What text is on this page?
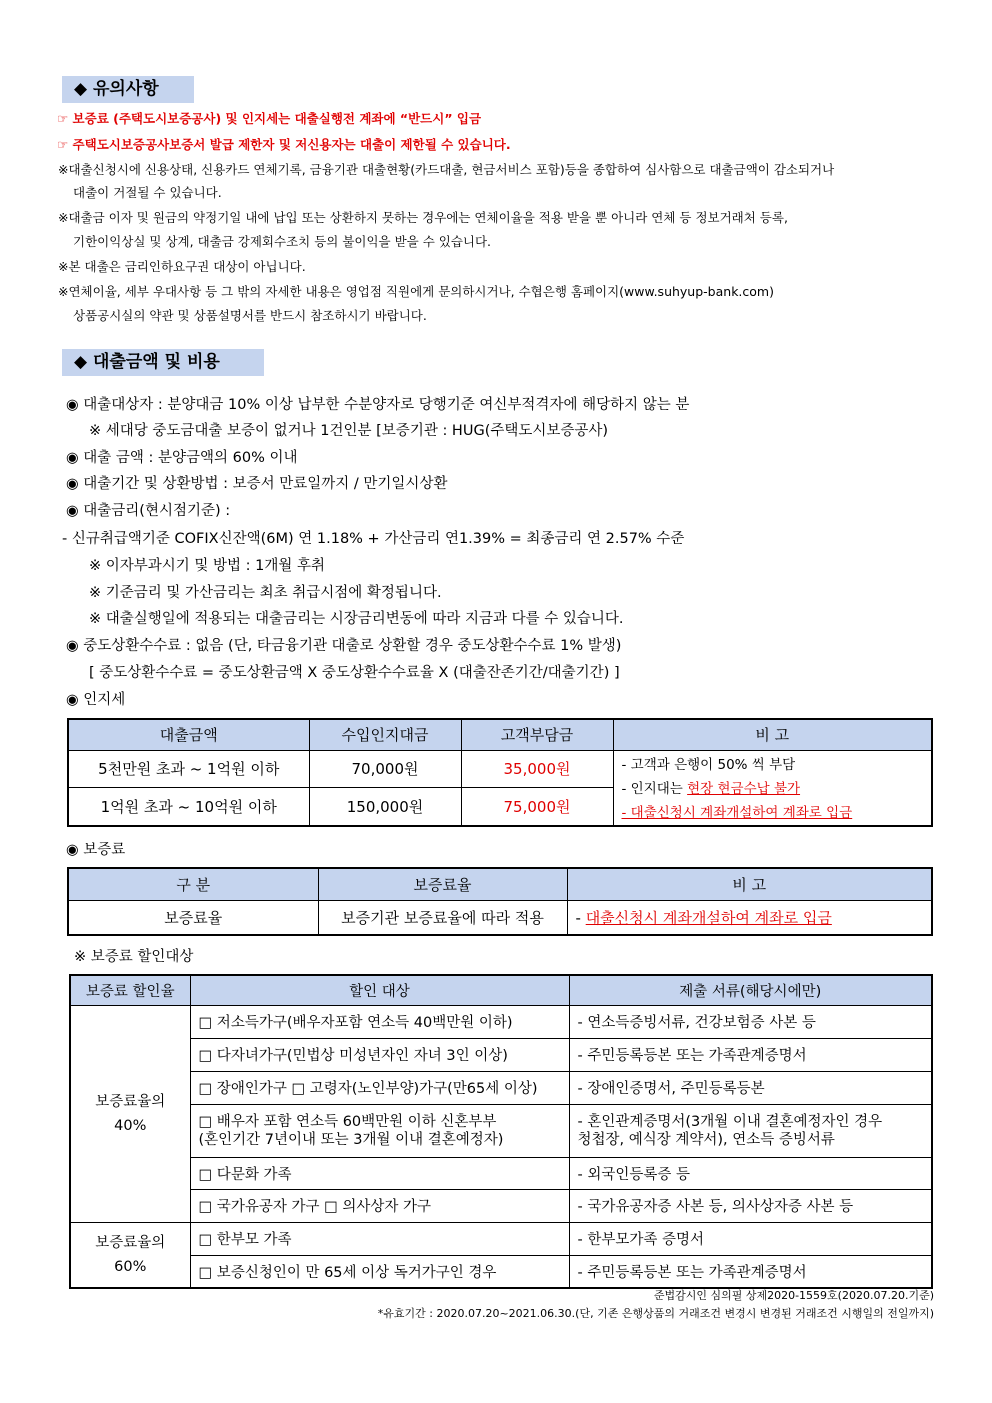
◆ 유의사항
☞ 보증료 (주택도시보증공사) 및 인지세는 대출실행전 계좌에 “반드시” 입금
☞ 주택도시보증공사보증서 발급 제한자 및 저신용자는 대출이 제한될 수 있습니다.
※대출신청시에 신용상태, 신용카드 연체기록, 금융기관 대출현황(카드대출, 현금서비스 포함)등을 종합하여 심사함으로 대출금액이 감소되거나
대출이 거절될 수 있습니다.
※대출금 이자 및 원금의 약정기일 내에 납입 또는 상환하지 못하는 경우에는 연체이율을 적용 받을 뿐 아니라 연체 등 정보거래처 등록,
기한이익상실 및 상계, 대출금 강제회수조치 등의 불이익을 받을 수 있습니다.
※본 대출은 금리인하요구권 대상이 아닙니다.
※연체이율, 세부 우대사항 등 그 밖의 자세한 내용은 영업점 직원에게 문의하시거나, 수협은행 홈페이지(www.suhyup-bank.com)
상품공시실의 약관 및 상품설명서를 반드시 참조하시기 바랍니다.
◆ 대출금액 및 비용
◉ 대출대상자 : 분양대금 10% 이상 납부한 수분양자로 당행기준 여신부적격자에 해당하지 않는 분
※ 세대당 중도금대출 보증이 없거나 1건인분 [보증기관 : HUG(주택도시보증공사)
◉ 대출 금액 : 분양금액의 60% 이내
◉ 대출기간 및 상환방법 : 보증서 만료일까지 / 만기일시상환
◉ 대출금리(현시점기준) :
- 신규취급액기준 COFIX신잔액(6M) 연 1.18% + 가산금리 연1.39% = 최종금리 연 2.57% 수준
※ 이자부과시기 및 방법 : 1개월 후취
※ 기준금리 및 가산금리는 최초 취급시점에 확정됩니다.
※ 대출실행일에 적용되는 대출금리는 시장금리변동에 따라 지금과 다를 수 있습니다.
◉ 중도상환수수료 : 없음 (단, 타금융기관 대출로 상환할 경우 중도상환수수료 1% 발생)
[ 중도상환수수료 = 중도상환금액 X 중도상환수수료율 X (대출잔존기간/대출기간) ]
◉ 인지세
대출금액	수입인지대금	고객부담금	비 고
5천만원 초과 ~ 1억원 이하	70,000원	35,000원	- 고객과 은행이 50% 씩 부담
- 인지대는 현장 현금수납 불가
- 대출신청시 계좌개설하여 계좌로 입금

1억원 초과 ~ 10억원 이하	150,000원	75,000원	
◉ 보증료
구 분	보증료율	비 고
보증료율	보증기관 보증료율에 따라 적용	- 대출신청시 계좌개설하여 계좌로 입금
※ 보증료 할인대상
보증료 할인율	할인 대상	제출 서류(해당시에만)
보증료율의
40%	□ 저소득가구(배우자포함 연소득 40백만원 이하)	- 연소득증빙서류, 건강보험증 사본 등
	□ 다자녀가구(민법상 미성년자인 자녀 3인 이상)	- 주민등록등본 또는 가족관계증명서
	□ 장애인가구 □ 고령자(노인부양)가구(만65세 이상)	- 장애인증명서, 주민등록등본
	□ 배우자 포함 연소득 60백만원 이하 신혼부부
(혼인기간 7년이내 또는 3개월 이내 결혼예정자)	- 혼인관계증명서(3개월 이내 결혼예정자인 경우
청첩장, 예식장 계약서), 연소득 증빙서류
	□ 다문화 가족	- 외국인등록증 등
	□ 국가유공자 가구 □ 의사상자 가구	- 국가유공자증 사본 등, 의사상자증 사본 등
보증료율의
60%	□ 한부모 가족	- 한부모가족 증명서
	□ 보증신청인이 만 65세 이상 독거가구인 경우	- 주민등록등본 또는 가족관계증명서
준법감시인 심의필 상제2020-1559호(2020.07.20.기준)
*유효기간 : 2020.07.20~2021.06.30.(단, 기존 은행상품의 거래조건 변경시 변경된 거래조건 시행일의 전일까지)
